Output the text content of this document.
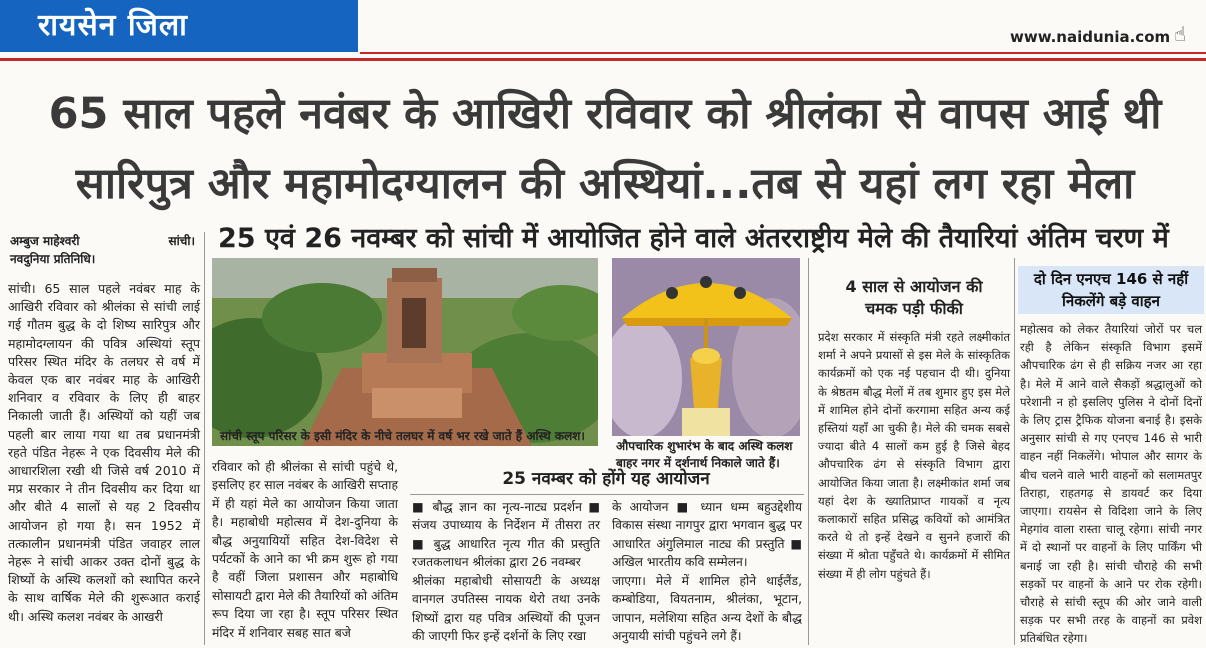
रायसेन जिला	www.naidunia.com ☝
65 साल पहले नवंबर के आखिरी रविवार को श्रीलंका से वापस आई थी
सारिपुत्र और महामोदग्यालन की अस्थियां...तब से यहां लग रहा मेला
अम्बुज माहेश्वरी	सांची।
नवदुनिया प्रतिनिधि।
25 एवं 26 नवम्बर को सांची में आयोजित होने वाले अंतरराष्ट्रीय मेले की तैयारियां अंतिम चरण में
सांची। 65 साल पहले नवंबर माह के आखिरी रविवार को श्रीलंका से सांची लाई गई गौतम बुद्ध के दो शिष्य सारिपुत्र और महामोदग्लायन की पवित्र अस्थियां स्तूप परिसर स्थित मंदिर के तलघर से वर्ष में केवल एक बार नवंबर माह के आखिरी शनिवार व रविवार के लिए ही बाहर निकाली जाती हैं। अस्थियों को यहीं जब पहली बार लाया गया था तब प्रधानमंत्री रहते पंडित नेहरू ने एक दिवसीय मेले की आधारशिला रखी थी जिसे वर्ष 2010 में मप्र सरकार ने तीन दिवसीय कर दिया था और बीते 4 सालों से यह 2 दिवसीय आयोजन हो गया है। सन 1952 में तत्कालीन प्रधानमंत्री पंडित जवाहर लाल नेहरू ने सांची आकर उक्त दोनों बुद्ध के शिष्यों के अस्थि कलशों को स्थापित करने के साथ वार्षिक मेले की शुरूआत कराई थी। अस्थि कलश नवंबर के आखरी
सांची स्तूप परिसर के इसी मंदिर के नीचे तलघर में वर्ष भर रखे जाते हैं अस्थि कलश।
औपचारिक शुभारंभ के बाद अस्थि कलश बाहर नगर में दर्शनार्थ निकाले जाते हैं।
रविवार को ही श्रीलंका से सांची पहुंचे थे, इसलिए हर साल नवंबर के आखिरी सप्ताह में ही यहां मेले का आयोजन किया जाता है। महाबोधी महोत्सव में देश-दुनिया के बौद्ध अनुयायियों सहित देश-विदेश से पर्यटकों के आने का भी क्रम शुरू हो गया है वहीं जिला प्रशासन और महाबोधि सोसायटी द्वारा मेले की तैयारियों को अंतिम रूप दिया जा रहा है। स्तूप परिसर स्थित मंदिर में शनिवार सबह सात बजे
25 नवम्बर को होंगे यह आयोजन
■ बौद्ध ज्ञान का नृत्य-नाट्य प्रदर्शन ■ संजय उपाध्याय के निर्देशन में तीसरा तर ■ बुद्ध आधारित नृत्य गीत की प्रस्तुति रजतकलाधन श्रीलंका द्वारा 26 नवम्बर
के आयोजन ■ ध्यान धम्म बहुउद्देशीय विकास संस्था नागपुर द्वारा भगवान बुद्ध पर आधारित अंगुलिमाल नाट्य की प्रस्तुति ■ अखिल भारतीय कवि सम्मेलन।
श्रीलंका महाबोधी सोसायटी के अध्यक्ष वानगल उपतिस्स नायक थेरो तथा उनके शिष्यों द्वारा यह पवित्र अस्थियों की पूजन की जाएगी फिर इन्हें दर्शनों के लिए रखा
जाएगा। मेले में शामिल होने थाईलैंड, कम्बोडिया, वियतनाम, श्रीलंका, भूटान, जापान, मलेशिया सहित अन्य देशों के बौद्ध अनुयायी सांची पहुंचने लगे हैं।
4 साल से आयोजन की
चमक पड़ी फीकी
प्रदेश सरकार में संस्कृति मंत्री रहते लक्ष्मीकांत शर्मा ने अपने प्रयासों से इस मेले के सांस्कृतिक कार्यक्रमों को एक नई पहचान दी थी। दुनिया के श्रेष्ठतम बौद्ध मेलों में तब शुमार हुए इस मेले में शामिल होने दोनों करगामा सहित अन्य कई हस्तियां यहाँ आ चुकी है। मेले की चमक सबसे ज्यादा बीते 4 सालों कम हुई है जिसे बेहद औपचारिक ढंग से संस्कृति विभाग द्वारा आयोजित किया जाता है। लक्ष्मीकांत शर्मा जब यहां देश के ख्यातिप्राप्त गायकों व नृत्य कलाकारों सहित प्रसिद्ध कवियों को आमंत्रित करते थे तो इन्हें देखने व सुनने हजारों की संख्या में श्रोता पहुँचते थे। कार्यक्रमों में सीमित संख्या में ही लोग पहुंचते हैं।
दो दिन एनएच 146 से नहीं
निकलेंगे बड़े वाहन
महोत्सव को लेकर तैयारियां जोरों पर चल रही है लेकिन संस्कृति विभाग इसमें औपचारिक ढंग से ही सक्रिय नजर आ रहा है। मेले में आने वाले सैकड़ों श्रद्धालुओं को परेशानी न हो इसलिए पुलिस ने दोनों दिनों के लिए ट्रास ट्रैफिक योजना बनाई है। इसके अनुसार सांची से गए एनएच 146 से भारी वाहन नहीं निकलेंगे। भोपाल और सागर के बीच चलने वाले भारी वाहनों को सलामतपुर तिराहा, राहतगढ़ से डायवर्ट कर दिया जाएगा। रायसेन से विदिशा जाने के लिए मेहगांव वाला रास्ता चालू रहेगा। सांची नगर में दो स्थानों पर वाहनों के लिए पार्किंग भी बनाई जा रही है। सांची चौराहे की सभी सड़कों पर वाहनों के आने पर रोक रहेगी। चौराहे से सांची स्तूप की ओर जाने वाली सड़क पर सभी तरह के वाहनों का प्रवेश प्रतिबंधित रहेगा।
